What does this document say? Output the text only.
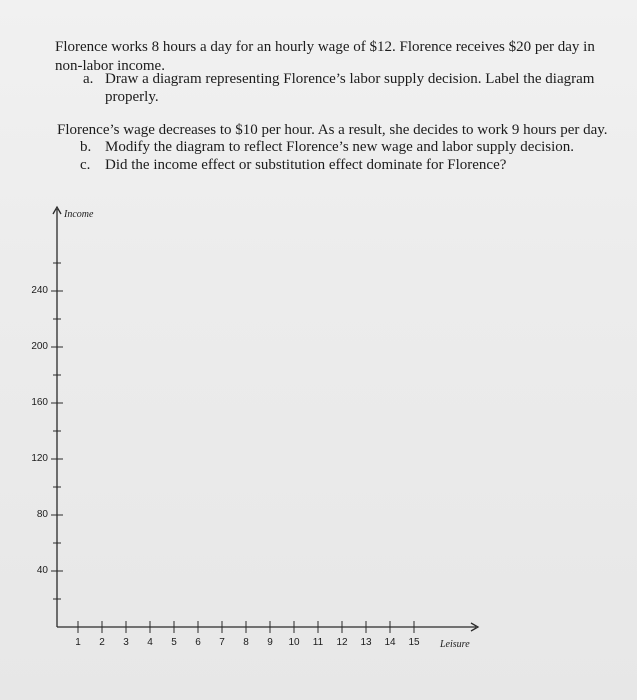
Florence works 8 hours a day for an hourly wage of $12. Florence receives $20 per day in non-labor income.
a. Draw a diagram representing Florence’s labor supply decision. Label the diagram properly.
Florence’s wage decreases to $10 per hour. As a result, she decides to work 9 hours per day.
b. Modify the diagram to reflect Florence’s new wage and labor supply decision.
c. Did the income effect or substitution effect dominate for Florence?
Income
Leisure
240
200
160
120
80
40
1	2	3	4	5	6	7	8	9	10	11	12	13	14	15
